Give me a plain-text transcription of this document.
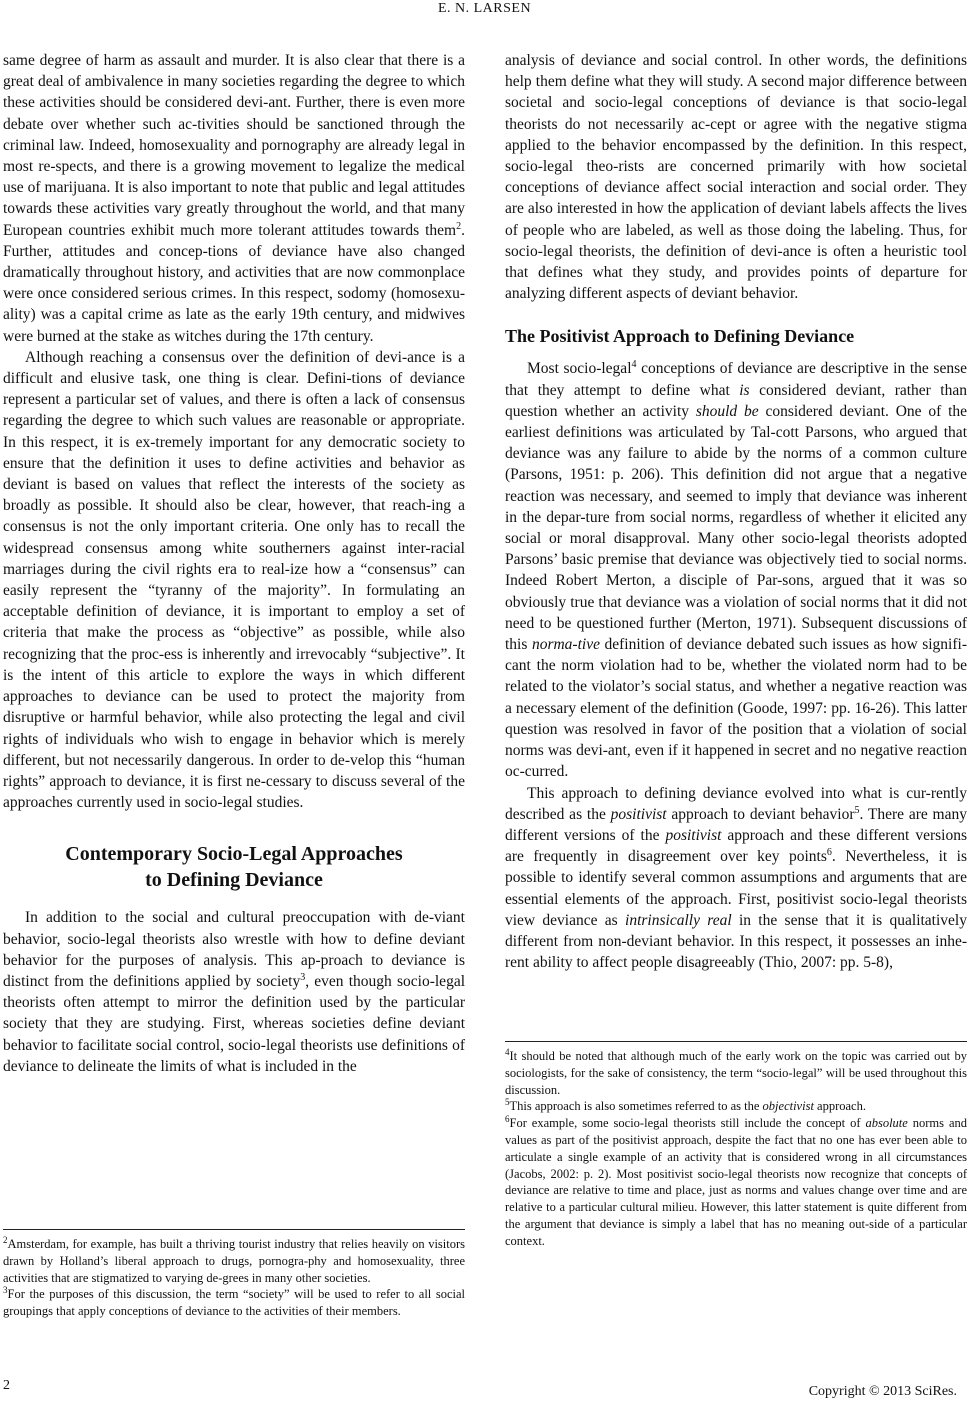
E. N. LARSEN

same degree of harm as assault and murder. It is also clear that there is a great deal of ambivalence in many societies regarding the degree to which these activities should be considered devi-ant. Further, there is even more debate over whether such ac-tivities should be sanctioned through the criminal law. Indeed, homosexuality and pornography are already legal in most re-spects, and there is a growing movement to legalize the medical use of marijuana. It is also important to note that public and legal attitudes towards these activities vary greatly throughout the world, and that many European countries exhibit much more tolerant attitudes towards them$^2$. Further, attitudes and concep-tions of deviance have also changed dramatically throughout history, and activities that are now commonplace were once considered serious crimes. In this respect, sodomy (homosexu-ality) was a capital crime as late as the early 19th century, and midwives were burned at the stake as witches during the 17th century.

Although reaching a consensus over the definition of devi-ance is a difficult and elusive task, one thing is clear. Defini-tions of deviance represent a particular set of values, and there is often a lack of consensus regarding the degree to which such values are reasonable or appropriate. In this respect, it is ex-tremely important for any democratic society to ensure that the definition it uses to define activities and behavior as deviant is based on values that reflect the interests of the society as broadly as possible. It should also be clear, however, that reach-ing a consensus is not the only important criteria. One only has to recall the widespread consensus among white southerners against inter-racial marriages during the civil rights era to real-ize how a “consensus” can easily represent the “tyranny of the majority”. In formulating an acceptable definition of deviance, it is important to employ a set of criteria that make the process as “objective” as possible, while also recognizing that the proc-ess is inherently and irrevocably “subjective”. It is the intent of this article to explore the ways in which different approaches to deviance can be used to protect the majority from disruptive or harmful behavior, while also protecting the legal and civil rights of individuals who wish to engage in behavior which is merely different, but not necessarily dangerous. In order to de-velop this “human rights” approach to deviance, it is first ne-cessary to discuss several of the approaches currently used in socio-legal studies.

Contemporary Socio-Legal Approaches
to Defining Deviance

In addition to the social and cultural preoccupation with de-viant behavior, socio-legal theorists also wrestle with how to define deviant behavior for the purposes of analysis. This ap-proach to deviance is distinct from the definitions applied by society$^3$, even though socio-legal theorists often attempt to mirror the definition used by the particular society that they are studying. First, whereas societies define deviant behavior to facilitate social control, socio-legal theorists use definitions of deviance to delineate the limits of what is included in the

$^2$Amsterdam, for example, has built a thriving tourist industry that relies heavily on visitors drawn by Holland’s liberal approach to drugs, pornogra-phy and homosexuality, three activities that are stigmatized to varying de-grees in many other societies.

$^3$For the purposes of this discussion, the term “society” will be used to refer to all social groupings that apply conceptions of deviance to the activities of their members.

analysis of deviance and social control. In other words, the definitions help them define what they will study. A second major difference between societal and socio-legal conceptions of deviance is that socio-legal theorists do not necessarily ac-cept or agree with the negative stigma applied to the behavior encompassed by the definition. In this respect, socio-legal theo-rists are concerned primarily with how societal conceptions of deviance affect social interaction and social order. They are also interested in how the application of deviant labels affects the lives of people who are labeled, as well as those doing the labeling. Thus, for socio-legal theorists, the definition of devi-ance is often a heuristic tool that defines what they study, and provides points of departure for analyzing different aspects of deviant behavior.

The Positivist Approach to Defining Deviance

Most socio-legal$^4$ conceptions of deviance are descriptive in the sense that they attempt to define what is considered deviant, rather than question whether an activity should be considered deviant. One of the earliest definitions was articulated by Tal-cott Parsons, who argued that deviance was any failure to abide by the norms of a common culture (Parsons, 1951: p. 206). This definition did not argue that a negative reaction was necessary, and seemed to imply that deviance was inherent in the depar-ture from social norms, regardless of whether it elicited any social or moral disapproval. Many other socio-legal theorists adopted Parsons’ basic premise that deviance was objectively tied to social norms. Indeed Robert Merton, a disciple of Par-sons, argued that it was so obviously true that deviance was a violation of social norms that it did not need to be questioned further (Merton, 1971). Subsequent discussions of this norma-tive definition of deviance debated such issues as how signifi-cant the norm violation had to be, whether the violated norm had to be related to the violator’s social status, and whether a negative reaction was a necessary element of the definition (Goode, 1997: pp. 16-26). This latter question was resolved in favor of the position that a violation of social norms was devi-ant, even if it happened in secret and no negative reaction oc-curred.

This approach to defining deviance evolved into what is cur-rently described as the positivist approach to deviant behavior$^5$. There are many different versions of the positivist approach and these different versions are frequently in disagreement over key points$^6$. Nevertheless, it is possible to identify several common assumptions and arguments that are essential elements of the approach. First, positivist socio-legal theorists view deviance as intrinsically real in the sense that it is qualitatively different from non-deviant behavior. In this respect, it possesses an inhe-rent ability to affect people disagreeably (Thio, 2007: pp. 5-8),

$^4$It should be noted that although much of the early work on the topic was carried out by sociologists, for the sake of consistency, the term “socio-legal” will be used throughout this discussion.

$^5$This approach is also sometimes referred to as the objectivist approach.

$^6$For example, some socio-legal theorists still include the concept of absolute norms and values as part of the positivist approach, despite the fact that no one has ever been able to articulate a single example of an activity that is considered wrong in all circumstances (Jacobs, 2002: p. 2). Most positivist socio-legal theorists now recognize that concepts of deviance are relative to time and place, just as norms and values change over time and are relative to a particular cultural milieu. However, this latter statement is quite different from the argument that deviance is simply a label that has no meaning out-side of a particular context.

2	Copyright © 2013 SciRes.
